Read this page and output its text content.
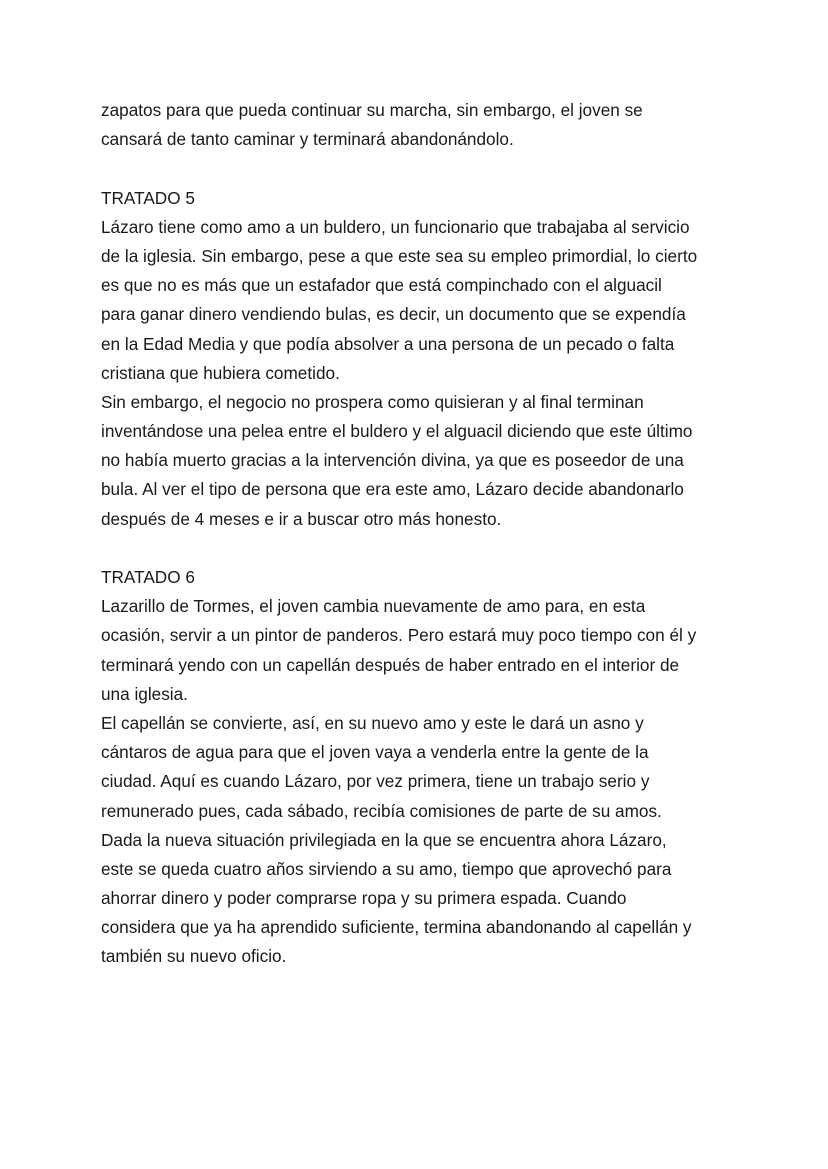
zapatos para que pueda continuar su marcha, sin embargo, el joven se
cansará de tanto caminar y terminará abandonándolo.
TRATADO 5
Lázaro tiene como amo a un buldero, un funcionario que trabajaba al servicio
de la iglesia. Sin embargo, pese a que este sea su empleo primordial, lo cierto
es que no es más que un estafador que está compinchado con el alguacil
para ganar dinero vendiendo bulas, es decir, un documento que se expendía
en la Edad Media y que podía absolver a una persona de un pecado o falta
cristiana que hubiera cometido.
Sin embargo, el negocio no prospera como quisieran y al final terminan
inventándose una pelea entre el buldero y el alguacil diciendo que este último
no había muerto gracias a la intervención divina, ya que es poseedor de una
bula. Al ver el tipo de persona que era este amo, Lázaro decide abandonarlo
después de 4 meses e ir a buscar otro más honesto.
TRATADO 6
Lazarillo de Tormes, el joven cambia nuevamente de amo para, en esta
ocasión, servir a un pintor de panderos. Pero estará muy poco tiempo con él y
terminará yendo con un capellán después de haber entrado en el interior de
una iglesia.
El capellán se convierte, así, en su nuevo amo y este le dará un asno y
cántaros de agua para que el joven vaya a venderla entre la gente de la
ciudad. Aquí es cuando Lázaro, por vez primera, tiene un trabajo serio y
remunerado pues, cada sábado, recibía comisiones de parte de su amos.
Dada la nueva situación privilegiada en la que se encuentra ahora Lázaro,
este se queda cuatro años sirviendo a su amo, tiempo que aprovechó para
ahorrar dinero y poder comprarse ropa y su primera espada. Cuando
considera que ya ha aprendido suficiente, termina abandonando al capellán y
también su nuevo oficio.
